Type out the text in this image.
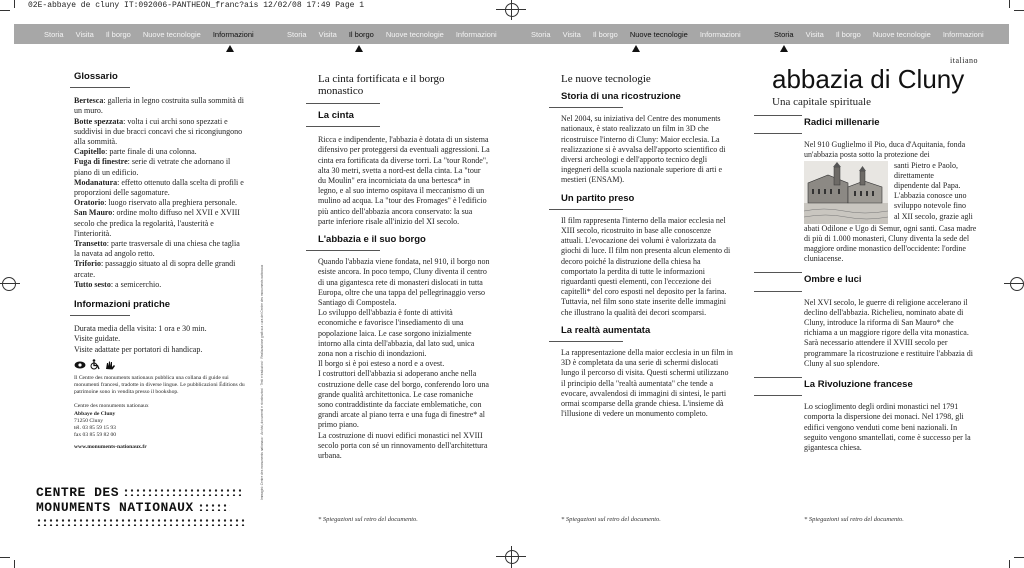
02E-abbaye de cluny IT:092006-PANTHEON_franc?ais 12/02/08 17:49 Page 1
Storia Visita Il borgo Nuove tecnologie Informazioni	Storia Visita Il borgo Nuove tecnologie Informazioni	Storia Visita Il borgo Nuove tecnologie Informazioni	Storia Visita Il borgo Nuove tecnologie Informazioni
Glossario

Bertesca: galleria in legno costruita sulla sommità di un muro.

Botte spezzata: volta i cui archi sono spezzati e suddivisi in due bracci concavi che si ricongiungono alla sommità.

Capitello: parte finale di una colonna.

Fuga di finestre: serie di vetrate che adornano il piano di un edificio.

Modanatura: effetto ottenuto dalla scelta di profili e proporzioni delle sagomature.

Oratorio: luogo riservato alla preghiera personale.

San Mauro: ordine molto diffuso nel XVII e XVIII secolo che predica la regolarità, l'austerità e l'interiorità.

Transetto: parte trasversale di una chiesa che taglia la navata ad angolo retto.

Triforio: passaggio situato al di sopra delle grandi arcate.

Tutto sesto: a semicerchio.

Informazioni pratiche

Durata media della visita: 1 ora e 30 min.

Visite guidate.

Visite adattate per portatori di handicap.

Il Centre des monuments nationaux pubblica una collana di guide sui monumenti francesi, tradotte in diverse lingue. Le pubblicazioni Éditions du patrimoine sono in vendita presso il bookshop.

Centre des monuments nationaux

Abbaye de Cluny

71250 Cluny

tél. 03 85 59 15 93

fax 03 85 59 82 00

www.monuments-nationaux.fr

CENTRE DES
MONUMENTS NATIONAUX
Immagini: Centre des monuments nationaux · Archivi, documenti e ricostruzioni · Testi e traduzioni · Realizzazione grafica a cura del Centre des monuments nationaux

La cinta fortificata e il borgo monastico

La cinta

Ricca e indipendente, l'abbazia è dotata di un sistema difensivo per proteggersi da eventuali aggressioni. La cinta era fortificata da diverse torri. La "tour Ronde", alta 30 metri, svetta a nord-est della cinta. La "tour du Moulin" era incorniciata da una bertesca* in legno, e al suo interno ospitava il meccanismo di un mulino ad acqua. La "tour des Fromages" è l'edificio più antico dell'abbazia ancora conservato: la sua parte inferiore risale all'inizio del XI secolo.

L'abbazia e il suo borgo

Quando l'abbazia viene fondata, nel 910, il borgo non esiste ancora. In poco tempo, Cluny diventa il centro di una gigantesca rete di monasteri dislocati in tutta Europa, oltre che una tappa del pellegrinaggio verso Santiago di Compostela.

Lo sviluppo dell'abbazia è fonte di attività economiche e favorisce l'insediamento di una popolazione laica. Le case sorgono inizialmente intorno alla cinta dell'abbazia, dal lato sud, unica zona non a rischio di inondazioni.

Il borgo si è poi esteso a nord e a ovest.

I costruttori dell'abbazia si adoperano anche nella costruzione delle case del borgo, conferendo loro una grande qualità architettonica. Le case romaniche sono contraddistinte da facciate emblematiche, con grandi arcate al piano terra e una fuga di finestre* al primo piano.

La costruzione di nuovi edifici monastici nel XVIII secolo porta con sé un rinnovamento dell'architettura urbana.

* Spiegazioni sul retro del documento.

Le nuove tecnologie

Storia di una ricostruzione

Nel 2004, su iniziativa del Centre des monuments nationaux, è stato realizzato un film in 3D che ricostruisce l'interno di Cluny: Maior ecclesia. La realizzazione si è avvalsa dell'apporto scientifico di diversi archeologi e dell'apporto tecnico degli ingegneri della scuola nazionale superiore di arti e mestieri (ENSAM).

Un partito preso

Il film rappresenta l'interno della maior ecclesia nel XIII secolo, ricostruito in base alle conoscenze attuali. L'evocazione dei volumi è valorizzata da giochi di luce. Il film non presenta alcun elemento di decoro poiché la distruzione della chiesa ha comportato la perdita di tutte le informazioni riguardanti questi elementi, con l'eccezione dei capitelli* del coro esposti nel deposito per la farina. Tuttavia, nel film sono state inserite delle immagini che illustrano la qualità dei decori scomparsi.

La realtà aumentata

La rappresentazione della maior ecclesia in un film in 3D è completata da una serie di schermi dislocati lungo il percorso di visita. Questi schermi utilizzano il principio della "realtà aumentata" che tende a evocare, avvalendosi di immagini di sintesi, le parti ormai scomparse della grande chiesa. L'insieme dà l'illusione di vedere un monumento completo.

* Spiegazioni sul retro del documento.

italiano

abbazia di Cluny

Una capitale spirituale

Radici millenarie

Nel 910 Guglielmo il Pio, duca d'Aquitania, fonda un'abbazia posta sotto la protezione dei

santi Pietro e Paolo,

direttamente

dipendente dal Papa.

L'abbazia conosce uno

sviluppo notevole fino

al XII secolo, grazie agli

abati Odilone e Ugo di Semur, ogni santi. Casa madre di più di 1.000 monasteri, Cluny diventa la sede del maggiore ordine monastico dell'occidente: l'ordine cluniacense.

Ombre e luci

Nel XVI secolo, le guerre di religione accelerano il declino dell'abbazia. Richelieu, nominato abate di Cluny, introduce la riforma di San Mauro* che richiama a un maggiore rigore della vita monastica. Sarà necessario attendere il XVIII secolo per programmare la ricostruzione e restituire l'abbazia di Cluny al suo splendore.

La Rivoluzione francese

Lo scioglimento degli ordini monastici nel 1791 comporta la dispersione dei monaci. Nel 1798, gli edifici vengono venduti come beni nazionali. In seguito vengono smantellati, come è successo per la gigantesca chiesa.

* Spiegazioni sul retro del documento.
